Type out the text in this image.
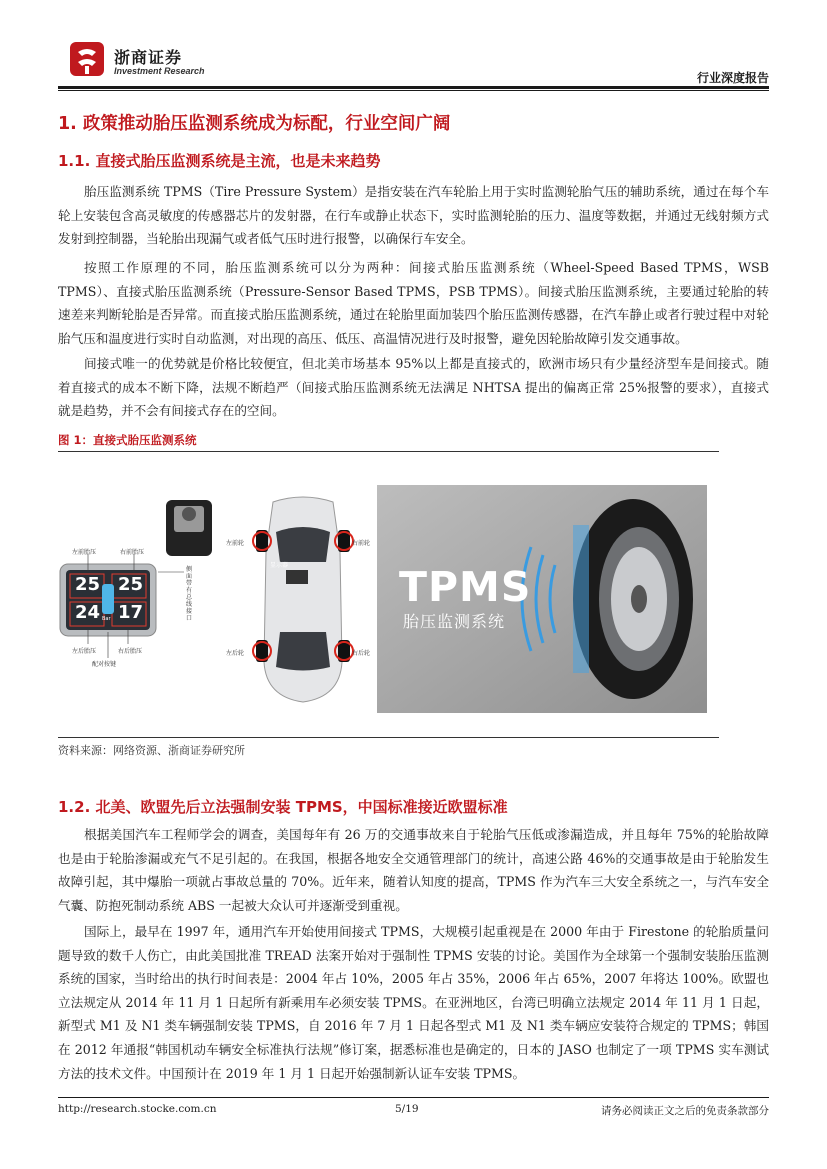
浙商证券
Investment Research	行业深度报告
1. 政策推动胎压监测系统成为标配，行业空间广阔
1.1. 直接式胎压监测系统是主流，也是未来趋势

胎压监测系统 TPMS（Tire Pressure System）是指安装在汽车轮胎上用于实时监测轮胎气压的辅助系统，通过在每个车轮上安装包含高灵敏度的传感器芯片的发射器，在行车或静止状态下，实时监测轮胎的压力、温度等数据，并通过无线射频方式发射到控制器，当轮胎出现漏气或者低气压时进行报警，以确保行车安全。

按照工作原理的不同，胎压监测系统可以分为两种：间接式胎压监测系统（Wheel-Speed Based TPMS，WSB TPMS）、直接式胎压监测系统（Pressure-Sensor Based TPMS，PSB TPMS）。间接式胎压监测系统，主要通过轮胎的转速差来判断轮胎是否异常。而直接式胎压监测系统，通过在轮胎里面加装四个胎压监测传感器，在汽车静止或者行驶过程中对轮胎气压和温度进行实时自动监测，对出现的高压、低压、高温情况进行及时报警，避免因轮胎故障引发交通事故。

间接式唯一的优势就是价格比较便宜，但北美市场基本 95%以上都是直接式的，欧洲市场只有少量经济型车是间接式。随着直接式的成本不断下降，法规不断趋严（间接式胎压监测系统无法满足 NHTSA 提出的偏离正常 25%报警的要求），直接式就是趋势，并不会有间接式存在的空间。

图 1：直接式胎压监测系统
25 25
24 17
Bar
左前胎压	右前胎压
左后胎压	右后胎压
配对按键
侧面带有总线接口
左前轮	右前轮
左后轮	右后轮
显示器	TPMS
胎压监测系统
资料来源：网络资源、浙商证券研究所
1.2. 北美、欧盟先后立法强制安装 TPMS，中国标准接近欧盟标准

根据美国汽车工程师学会的调查，美国每年有 26 万的交通事故来自于轮胎气压低或渗漏造成，并且每年 75%的轮胎故障也是由于轮胎渗漏或充气不足引起的。在我国，根据各地安全交通管理部门的统计，高速公路 46%的交通事故是由于轮胎发生故障引起，其中爆胎一项就占事故总量的 70%。近年来，随着认知度的提高，TPMS 作为汽车三大安全系统之一，与汽车安全气囊、防抱死制动系统 ABS 一起被大众认可并逐渐受到重视。

国际上，最早在 1997 年，通用汽车开始使用间接式 TPMS，大规模引起重视是在 2000 年由于 Firestone 的轮胎质量问题导致的数千人伤亡，由此美国批准 TREAD 法案开始对于强制性 TPMS 安装的讨论。美国作为全球第一个强制安装胎压监测系统的国家，当时给出的执行时间表是：2004 年占 10%，2005 年占 35%，2006 年占 65%，2007 年将达 100%。欧盟也立法规定从 2014 年 11 月 1 日起所有新乘用车必须安装 TPMS。在亚洲地区，台湾已明确立法规定 2014 年 11 月 1 日起，新型式 M1 及 N1 类车辆强制安装 TPMS，自 2016 年 7 月 1 日起各型式 M1 及 N1 类车辆应安装符合规定的 TPMS；韩国在 2012 年通报“韩国机动车辆安全标准执行法规”修订案，据悉标准也是确定的，日本的 JASO 也制定了一项 TPMS 实车测试方法的技术文件。中国预计在 2019 年 1 月 1 日起开始强制新认证车安装 TPMS。

http://research.stocke.com.cn	5/19	请务必阅读正文之后的免责条款部分
